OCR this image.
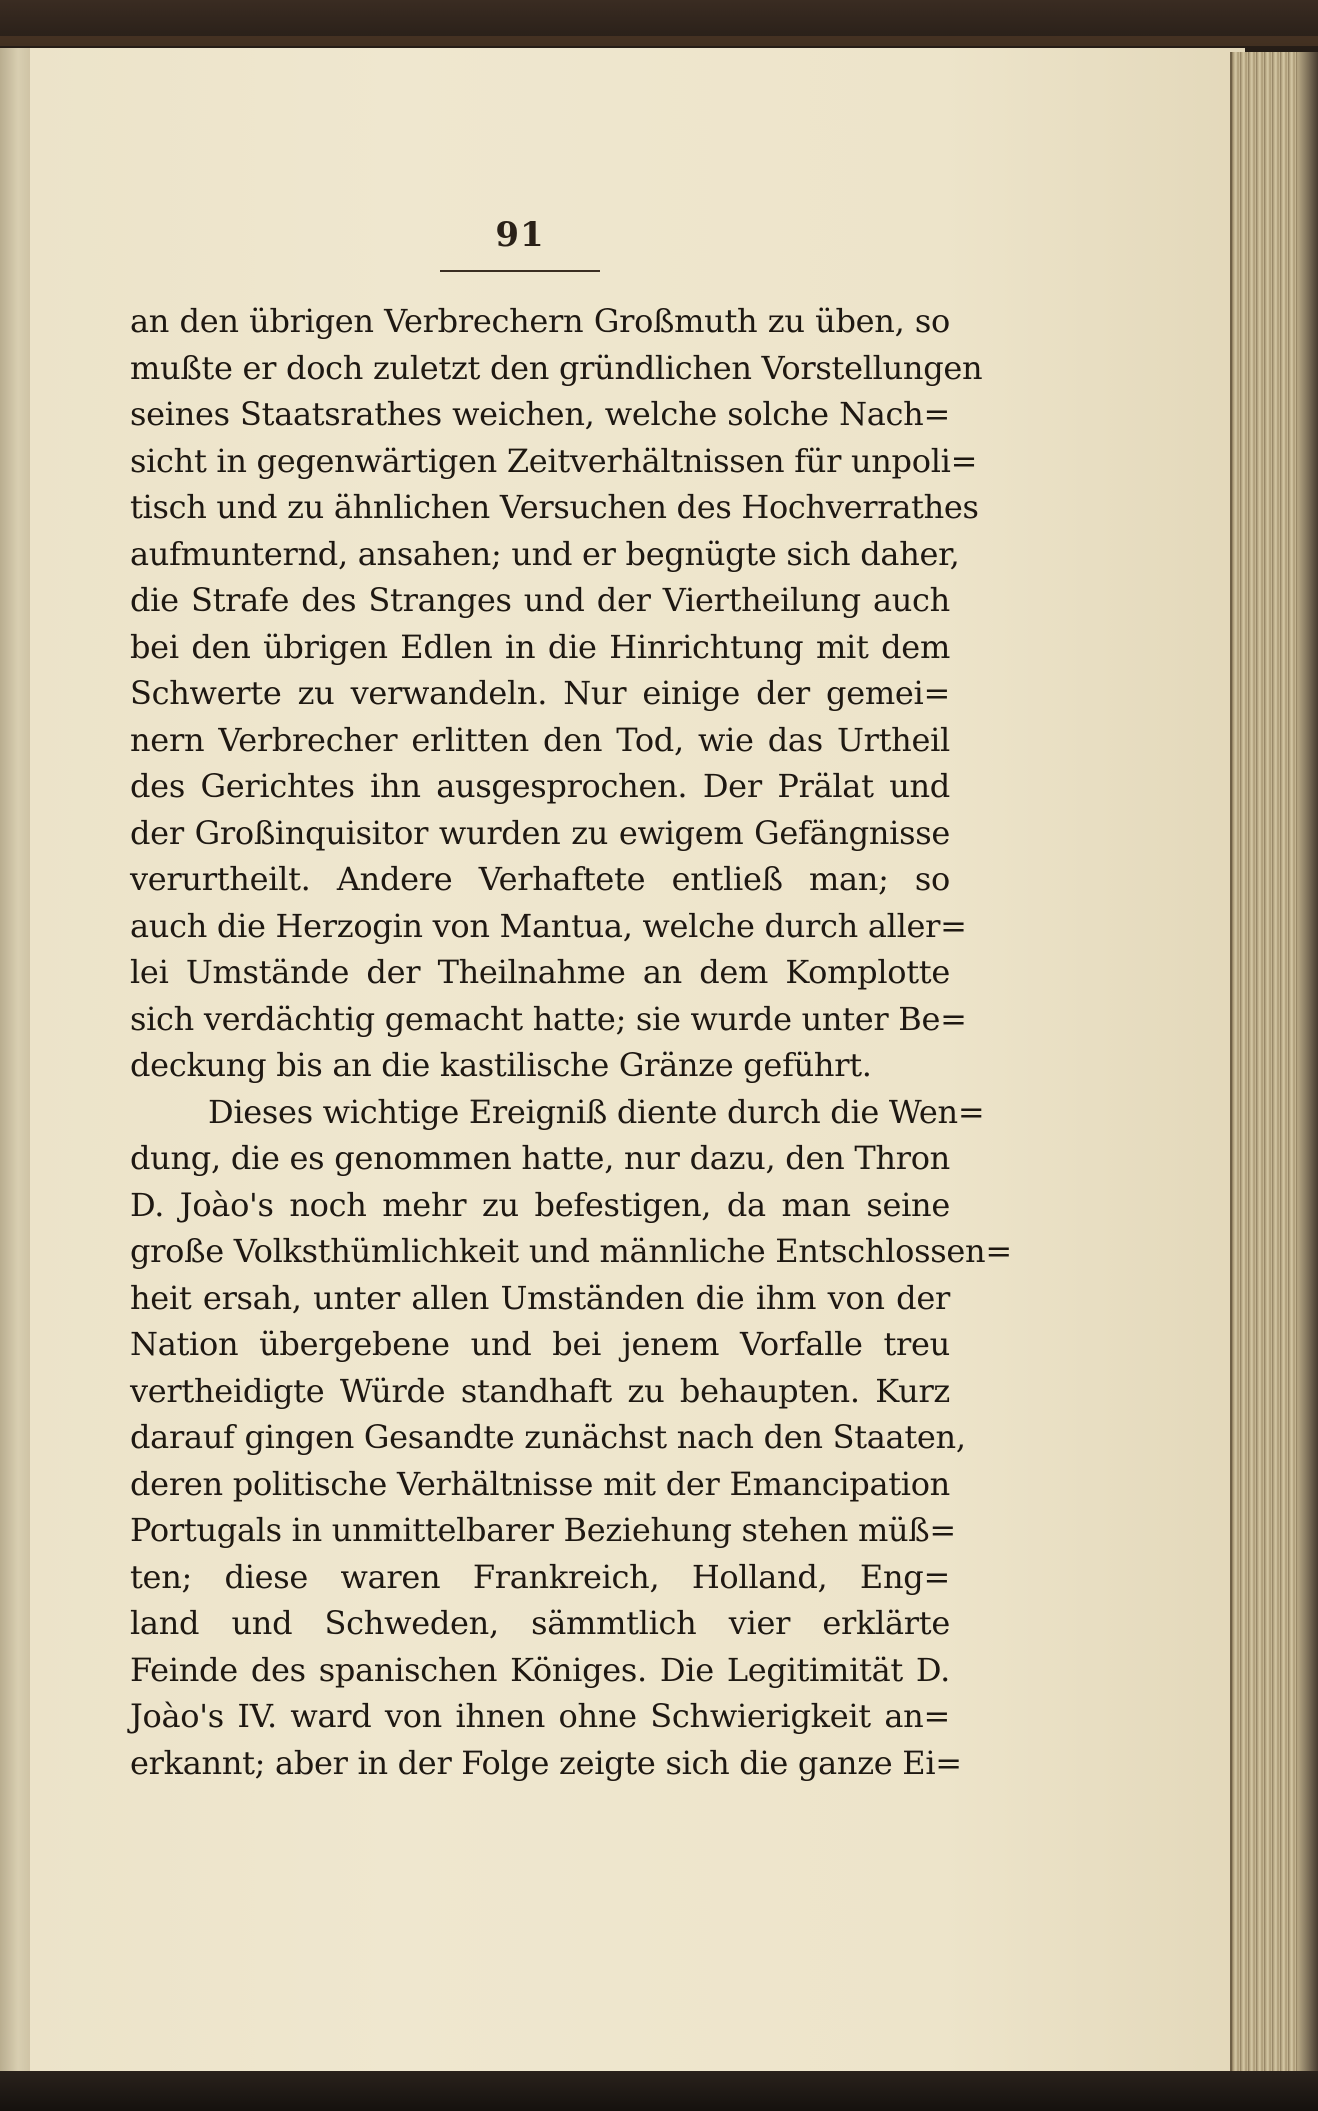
91
an den übrigen Verbrechern Großmuth zu üben, so
mußte er doch zuletzt den gründlichen Vorstellungen
seines Staatsrathes weichen, welche solche Nach=
sicht in gegenwärtigen Zeitverhältnissen für unpoli=
tisch und zu ähnlichen Versuchen des Hochverrathes
aufmunternd, ansahen; und er begnügte sich daher,
die Strafe des Stranges und der Viertheilung auch
bei den übrigen Edlen in die Hinrichtung mit dem
Schwerte zu verwandeln. Nur einige der gemei=
nern Verbrecher erlitten den Tod, wie das Urtheil
des Gerichtes ihn ausgesprochen. Der Prälat und
der Großinquisitor wurden zu ewigem Gefängnisse
verurtheilt. Andere Verhaftete entließ man; so
auch die Herzogin von Mantua, welche durch aller=
lei Umstände der Theilnahme an dem Komplotte
sich verdächtig gemacht hatte; sie wurde unter Be=
deckung bis an die kastilische Gränze geführt.
Dieses wichtige Ereigniß diente durch die Wen=
dung, die es genommen hatte, nur dazu, den Thron
D. Joào's noch mehr zu befestigen, da man seine
große Volksthümlichkeit und männliche Entschlossen=
heit ersah, unter allen Umständen die ihm von der
Nation übergebene und bei jenem Vorfalle treu
vertheidigte Würde standhaft zu behaupten. Kurz
darauf gingen Gesandte zunächst nach den Staaten,
deren politische Verhältnisse mit der Emancipation
Portugals in unmittelbarer Beziehung stehen müß=
ten; diese waren Frankreich, Holland, Eng=
land und Schweden, sämmtlich vier erklärte
Feinde des spanischen Königes. Die Legitimität D.
Joào's IV. ward von ihnen ohne Schwierigkeit an=
erkannt; aber in der Folge zeigte sich die ganze Ei=
